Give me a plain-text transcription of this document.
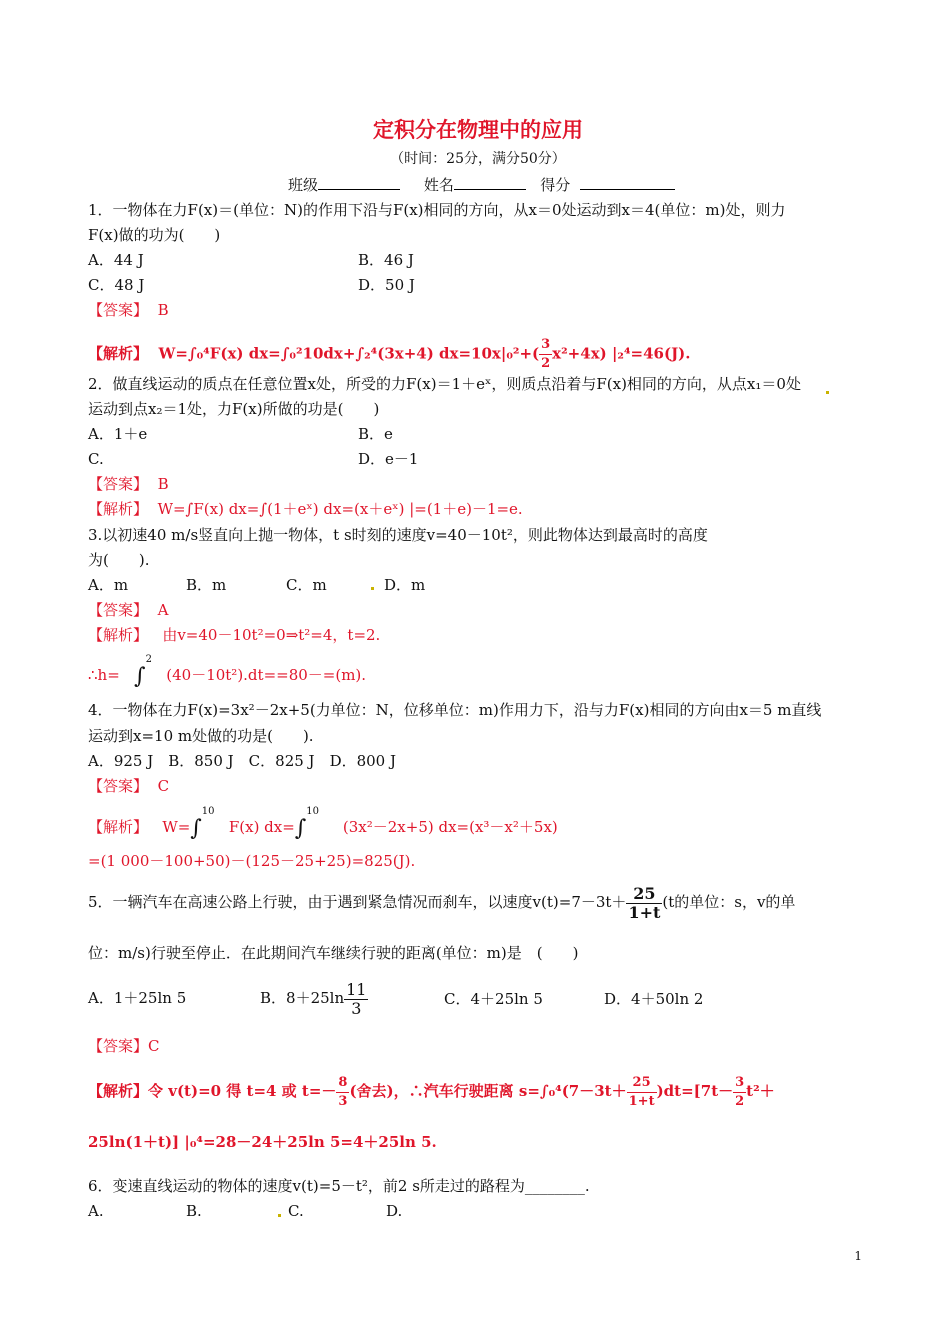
定积分在物理中的应用
（时间：25分，满分50分）
班级	姓名	得分
1．一物体在力F(x)＝(单位：N)的作用下沿与F(x)相同的方向，从x＝0处运动到x＝4(单位：m)处，则力
F(x)做的功为(　　)
A．44 J	B．46 J
C．48 J	D．50 J
【答案】 B
【解析】 W=∫₀⁴F(x) dx=∫₀²10dx+∫₂⁴(3x+4) $dx=10x|_0^2+( \frac{3}{2} x^2+4x)$ |₂⁴=46(J).
2．做直线运动的质点在任意位置x处，所受的力F(x)＝1＋eˣ，则质点沿着与F(x)相同的方向，从点x₁＝0处
运动到点x₂＝1处，力F(x)所做的功是(　　)
A．1＋e	B．e
C.	D．e－1
【答案】 B
【解析】 W=∫F(x) dx=∫(1＋eˣ) dx=(x＋eˣ) |=(1＋e)－1=e.
3.以初速40 m/s竖直向上抛一物体，t s时刻的速度v=40－10t²，则此物体达到最高时的高度
为(　　).
A．m	B．m	C．m	D．m
【答案】 A
【解析】 由v=40－10t²=0⇒t²=4，t=2.
∴h= ∫$^2$   (40－10t²).dt==80－=(m).
4．一物体在力F(x)=3x²－2x+5(力单位：N，位移单位：m)作用力下，沿与力F(x)相同的方向由x＝5 m直线
运动到x=10 m处做的功是(　　).
A．925 J　B．850 J　C．825 J　D．800 J
【答案】 C
【解析】 W=∫$^{10}$   F(x) dx=∫$^{10}$     (3x²－2x+5) dx=(x³－x²＋5x)
=(1 000－100+50)－(125－25+25)=825(J).
5．一辆汽车在高速公路上行驶，由于遇到紧急情况而刹车，以速度$v(t)=7-3t+ \frac{25}{1+t} (t$的单位：s，v的单
位：m/s)行驶至停止．在此期间汽车继续行驶的距离(单位：m)是　(　　)
A．1＋25ln 5	B．$8+25\ln \frac{11}{3}$	C．4＋25ln 5	D．4＋50ln 2
【答案】C
【解析】令 v(t)=0 得 t=4 或 $t=- \frac{8}{3}$ (舍去)，∴汽车行驶距离 $s=\int_0^4(7-3t+ \frac{25}{1+t} )dt=[7t- \frac{3}{2} t^2+$
25ln(1＋t)] |₀⁴=28－24＋25ln 5=4＋25ln 5.
6．变速直线运动的物体的速度v(t)=5－t²，前2 s所走过的路程为________.
A.	B.	C.	D.
1
